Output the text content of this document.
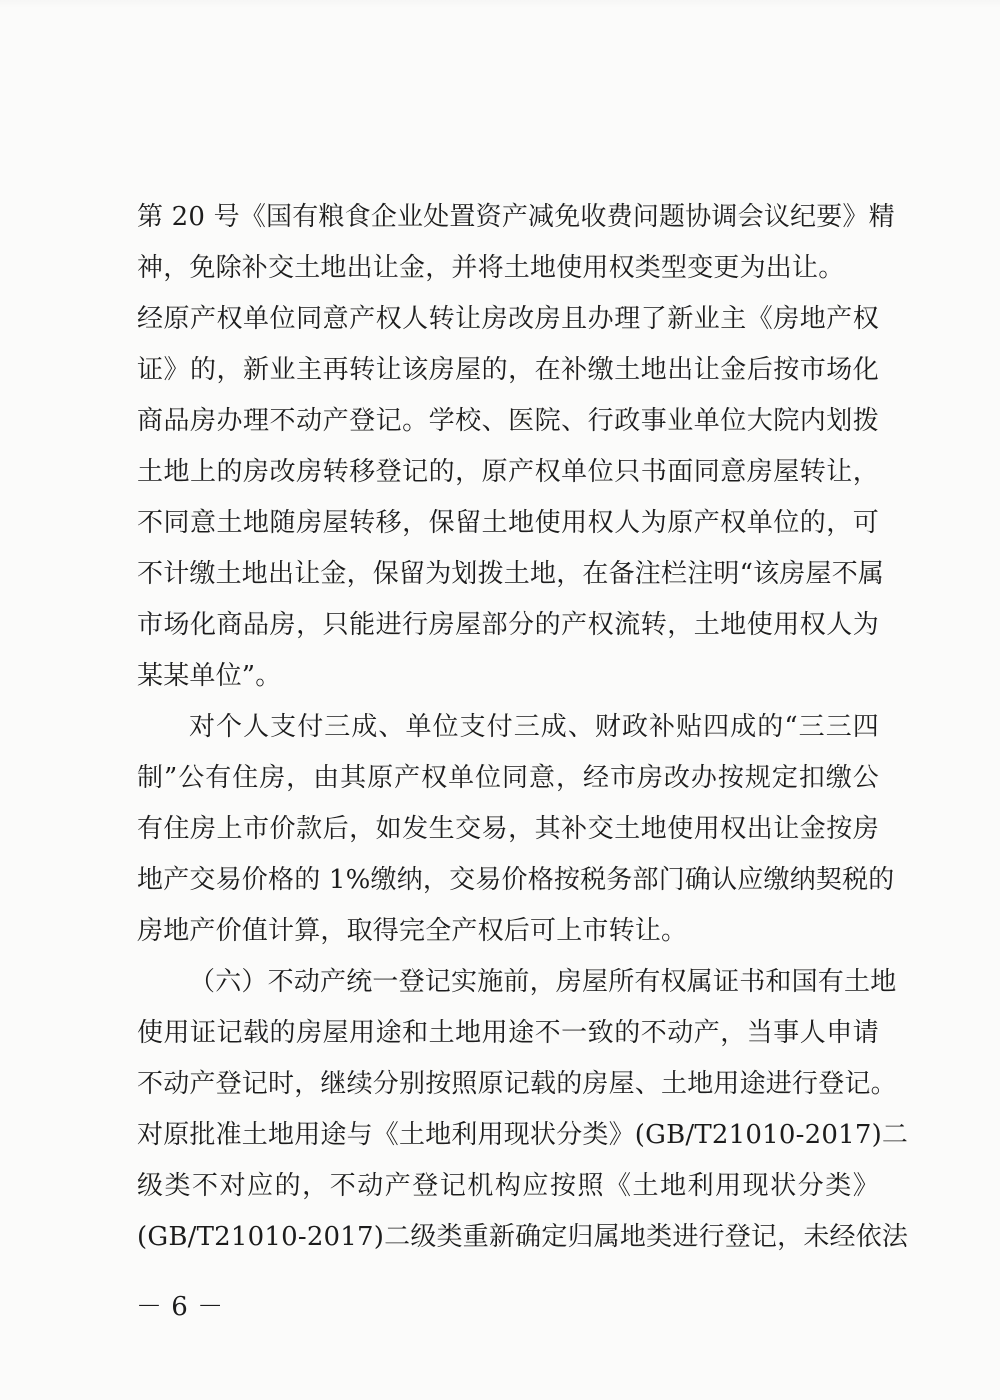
第 20 号《国有粮食企业处置资产减免收费问题协调会议纪要》精
神，免除补交土地出让金，并将土地使用权类型变更为出让。
经原产权单位同意产权人转让房改房且办理了新业主《房地产权
证》的，新业主再转让该房屋的，在补缴土地出让金后按市场化
商品房办理不动产登记。学校、医院、行政事业单位大院内划拨
土地上的房改房转移登记的，原产权单位只书面同意房屋转让，
不同意土地随房屋转移，保留土地使用权人为原产权单位的，可
不计缴土地出让金，保留为划拨土地，在备注栏注明“该房屋不属
市场化商品房，只能进行房屋部分的产权流转，土地使用权人为
某某单位”。
对个人支付三成、单位支付三成、财政补贴四成的“三三四
制”公有住房，由其原产权单位同意，经市房改办按规定扣缴公
有住房上市价款后，如发生交易，其补交土地使用权出让金按房
地产交易价格的 1%缴纳，交易价格按税务部门确认应缴纳契税的
房地产价值计算，取得完全产权后可上市转让。
（六）不动产统一登记实施前，房屋所有权属证书和国有土地
使用证记载的房屋用途和土地用途不一致的不动产，当事人申请
不动产登记时，继续分别按照原记载的房屋、土地用途进行登记。
对原批准土地用途与《土地利用现状分类》(GB/T21010-2017)二
级类不对应的，不动产登记机构应按照《土地利用现状分类》
(GB/T21010-2017)二级类重新确定归属地类进行登记，未经依法
－ 6 －
